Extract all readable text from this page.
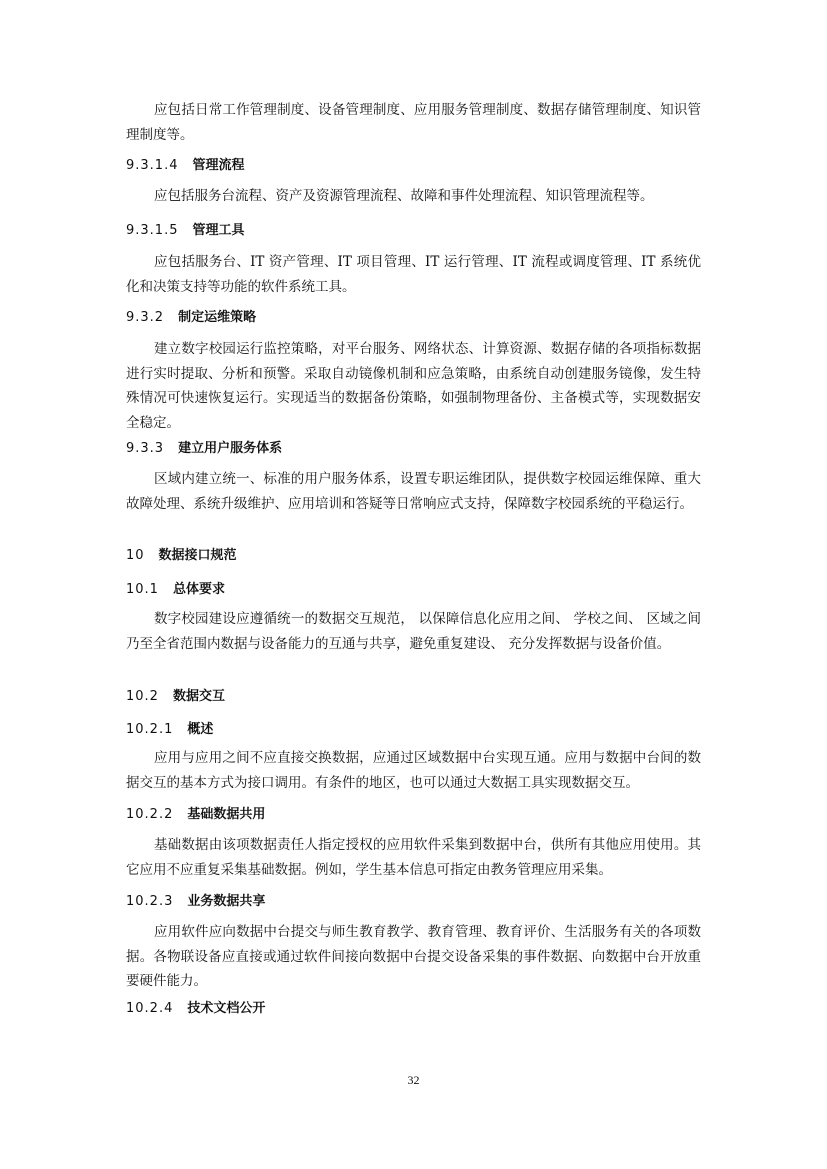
应包括日常工作管理制度、设备管理制度、应用服务管理制度、数据存储管理制度、知识管理制度等。

9.3.1.4 管理流程

应包括服务台流程、资产及资源管理流程、故障和事件处理流程、知识管理流程等。

9.3.1.5 管理工具

应包括服务台、IT 资产管理、IT 项目管理、IT 运行管理、IT 流程或调度管理、IT 系统优化和决策支持等功能的软件系统工具。

9.3.2 制定运维策略

建立数字校园运行监控策略，对平台服务、网络状态、计算资源、数据存储的各项指标数据进行实时提取、分析和预警。采取自动镜像机制和应急策略，由系统自动创建服务镜像，发生特殊情况可快速恢复运行。实现适当的数据备份策略，如强制物理备份、主备模式等，实现数据安全稳定。

9.3.3 建立用户服务体系

区域内建立统一、标准的用户服务体系，设置专职运维团队，提供数字校园运维保障、重大故障处理、系统升级维护、应用培训和答疑等日常响应式支持，保障数字校园系统的平稳运行。

10 数据接口规范
10.1 总体要求

数字校园建设应遵循统一的数据交互规范， 以保障信息化应用之间、 学校之间、 区域之间乃至全省范围内数据与设备能力的互通与共享，避免重复建设、 充分发挥数据与设备价值。

10.2 数据交互
10.2.1 概述

应用与应用之间不应直接交换数据，应通过区域数据中台实现互通。应用与数据中台间的数据交互的基本方式为接口调用。有条件的地区，也可以通过大数据工具实现数据交互。

10.2.2 基础数据共用

基础数据由该项数据责任人指定授权的应用软件采集到数据中台，供所有其他应用使用。其它应用不应重复采集基础数据。例如，学生基本信息可指定由教务管理应用采集。

10.2.3 业务数据共享

应用软件应向数据中台提交与师生教育教学、教育管理、教育评价、生活服务有关的各项数据。各物联设备应直接或通过软件间接向数据中台提交设备采集的事件数据、向数据中台开放重要硬件能力。

10.2.4 技术文档公开
32
